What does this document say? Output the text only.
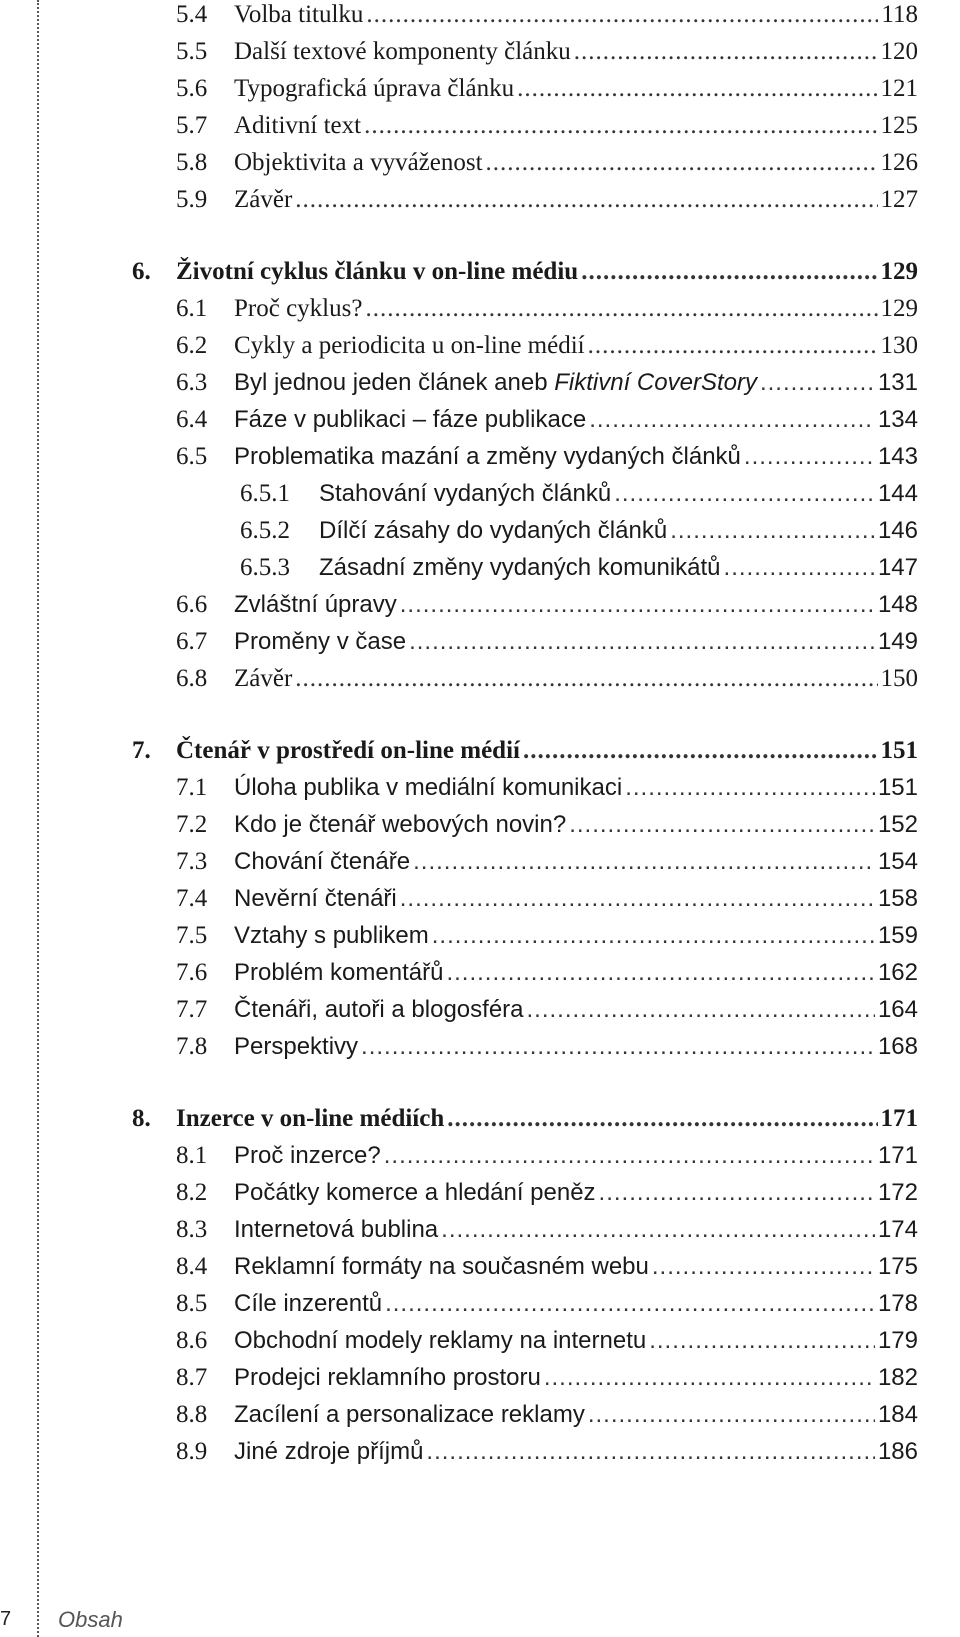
5.4	Volba titulku .....	118
5.5	Další textové komponenty článku .....	120
5.6	Typografická úprava článku .....	121
5.7	Aditivní text .....	125
5.8	Objektivita a vyváženost .....	126
5.9	Závěr .....	127
6.	Životní cyklus článku v on-line médiu .....	129
6.1	Proč cyklus? .....	129
6.2	Cykly a periodicita u on-line médií .....	130
6.3	Byl jednou jeden článek aneb Fiktivní CoverStory .....	131
6.4	Fáze v publikaci – fáze publikace .....	134
6.5	Problematika mazání a změny vydaných článků .....	143
6.5.1	Stahování vydaných článků .....	144
6.5.2	Dílčí zásahy do vydaných článků .....	146
6.5.3	Zásadní změny vydaných komunikátů .....	147
6.6	Zvláštní úpravy .....	148
6.7	Proměny v čase .....	149
6.8	Závěr .....	150
7.	Čtenář v prostředí on-line médií .....	151
7.1	Úloha publika v mediální komunikaci .....	151
7.2	Kdo je čtenář webových novin? .....	152
7.3	Chování čtenáře .....	154
7.4	Nevěrní čtenáři .....	158
7.5	Vztahy s publikem .....	159
7.6	Problém komentářů .....	162
7.7	Čtenáři, autoři a blogosféra .....	164
7.8	Perspektivy .....	168
8.	Inzerce v on-line médiích .....	171
8.1	Proč inzerce? .....	171
8.2	Počátky komerce a hledání peněz .....	172
8.3	Internetová bublina .....	174
8.4	Reklamní formáty na současném webu .....	175
8.5	Cíle inzerentů .....	178
8.6	Obchodní modely reklamy na internetu .....	179
8.7	Prodejci reklamního prostoru .....	182
8.8	Zacílení a personalizace reklamy .....	184
8.9	Jiné zdroje příjmů .....	186
7	Obsah
